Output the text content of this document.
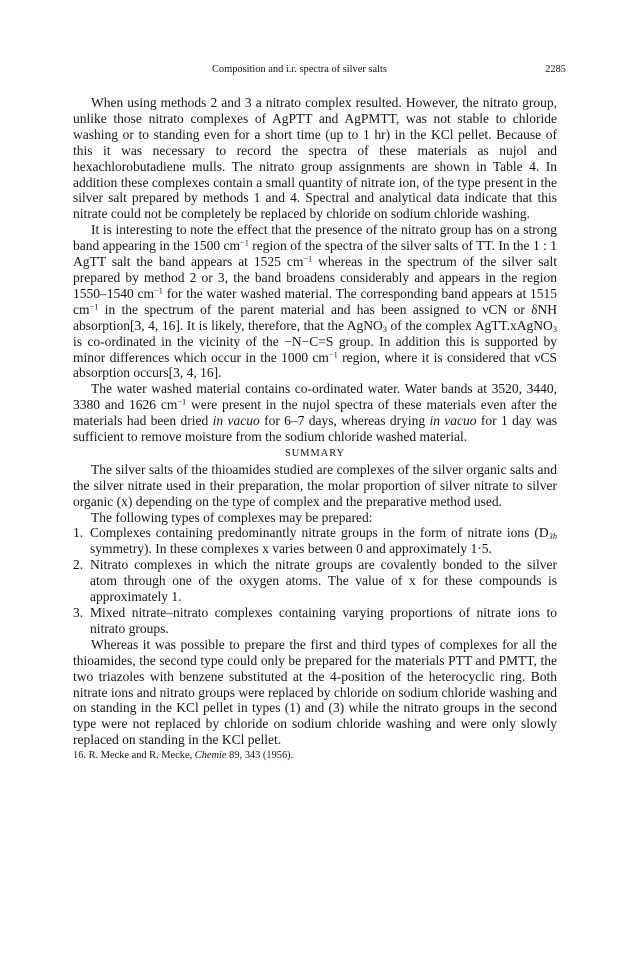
Composition and i.r. spectra of silver salts	2285

When using methods 2 and 3 a nitrato complex resulted. However, the nitrato group, unlike those nitrato complexes of AgPTT and AgPMTT, was not stable to chloride washing or to standing even for a short time (up to 1 hr) in the KCl pellet. Because of this it was necessary to record the spectra of these materials as nujol and hexachlorobutadiene mulls. The nitrato group assignments are shown in Table 4. In addition these complexes contain a small quantity of nitrate ion, of the type present in the silver salt prepared by methods 1 and 4. Spectral and analytical data indicate that this nitrate could not be completely be replaced by chloride on sodium chloride washing.

It is interesting to note the effect that the presence of the nitrato group has on a strong band appearing in the 1500 $cm^{-1}$ region of the spectra of the silver salts of TT. In the 1 : 1 AgTT salt the band appears at 1525 $cm^{-1}$ whereas in the spectrum of the silver salt prepared by method 2 or 3, the band broadens considerably and appears in the region 1550–1540 $cm^{-1}$ for the water washed material. The corresponding band appears at 1515 $cm^{-1}$ in the spectrum of the parent material and has been assigned to νCN or δNH absorption[3, 4, 16]. It is likely, therefore, that the AgNO$_3$ of the complex AgTT.xAgNO$_3$ is co-ordinated in the vicinity of the −N−C=S group. In addition this is supported by minor differences which occur in the 1000 $cm^{-1}$ region, where it is considered that νCS absorption occurs[3, 4, 16].

The water washed material contains co-ordinated water. Water bands at 3520, 3440, 3380 and 1626 $cm^{-1}$ were present in the nujol spectra of these materials even after the materials had been dried in vacuo for 6–7 days, whereas drying in vacuo for 1 day was sufficient to remove moisture from the sodium chloride washed material.

SUMMARY

The silver salts of the thioamides studied are complexes of the silver organic salts and the silver nitrate used in their preparation, the molar proportion of silver nitrate to silver organic (x) depending on the type of complex and the preparative method used.

The following types of complexes may be prepared:

1. Complexes containing predominantly nitrate groups in the form of nitrate ions ($D_{3h}$ symmetry). In these complexes x varies between 0 and approximately 1·5.

2. Nitrato complexes in which the nitrate groups are covalently bonded to the silver atom through one of the oxygen atoms. The value of x for these compounds is approximately 1.

3. Mixed nitrate–nitrato complexes containing varying proportions of nitrate ions to nitrato groups.

Whereas it was possible to prepare the first and third types of complexes for all the thioamides, the second type could only be prepared for the materials PTT and PMTT, the two triazoles with benzene substituted at the 4-position of the heterocyclic ring. Both nitrate ions and nitrato groups were replaced by chloride on sodium chloride washing and on standing in the KCl pellet in types (1) and (3) while the nitrato groups in the second type were not replaced by chloride on sodium chloride washing and were only slowly replaced on standing in the KCl pellet.

16. R. Mecke and R. Mecke, Chemie 89, 343 (1956).
